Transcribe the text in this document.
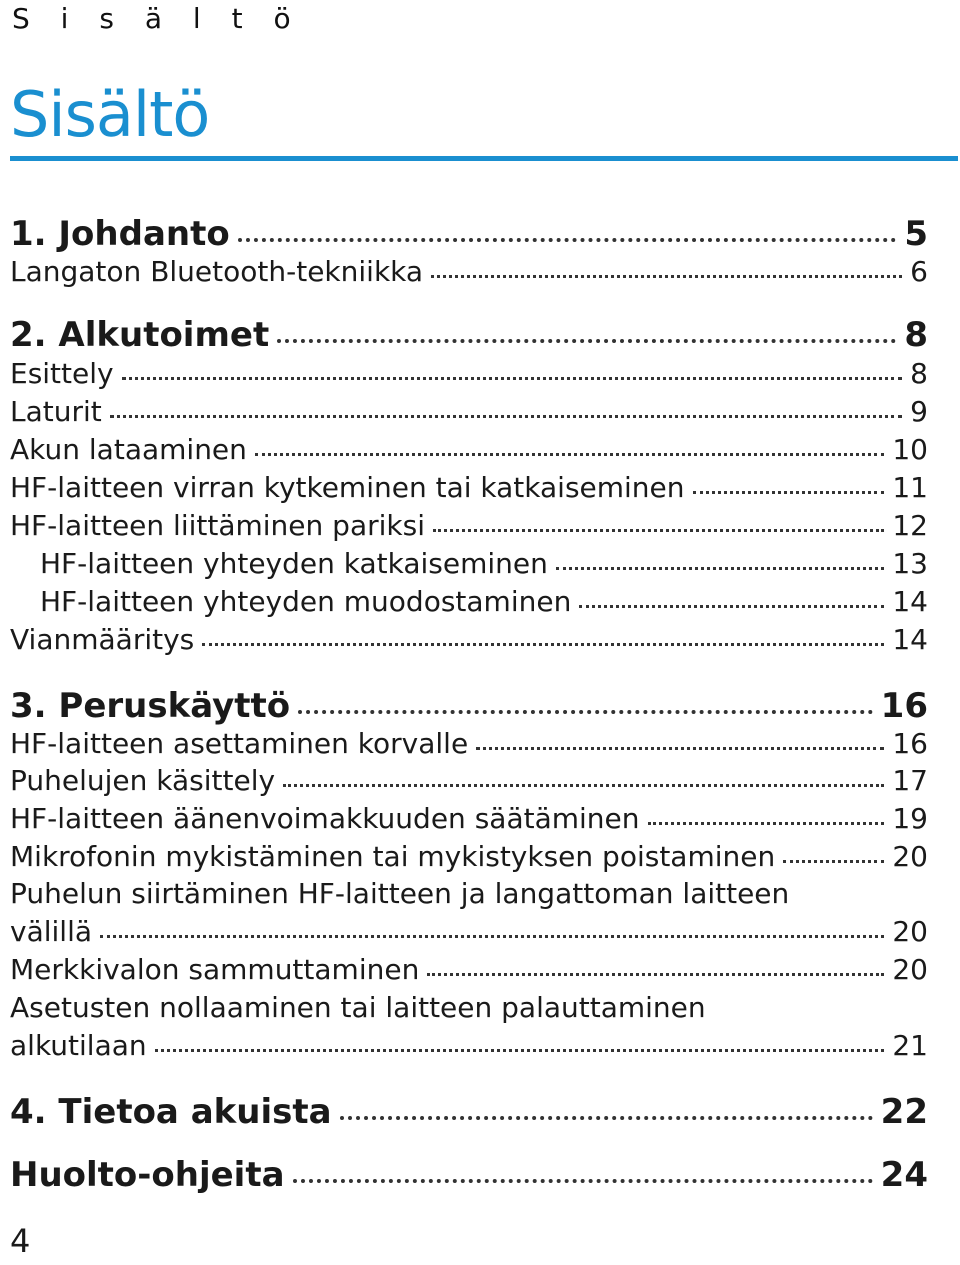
S i s ä l t ö
Sisältö
1. Johdanto	5
Langaton Bluetooth-tekniikka	6
2. Alkutoimet	8
Esittely	8
Laturit	9
Akun lataaminen	10
HF-laitteen virran kytkeminen tai katkaiseminen	11
HF-laitteen liittäminen pariksi	12
HF-laitteen yhteyden katkaiseminen	13
HF-laitteen yhteyden muodostaminen	14
Vianmääritys	14
3. Peruskäyttö	16
HF-laitteen asettaminen korvalle	16
Puhelujen käsittely	17
HF-laitteen äänenvoimakkuuden säätäminen	19
Mikrofonin mykistäminen tai mykistyksen poistaminen	20
Puhelun siirtäminen HF-laitteen ja langattoman laitteen
välillä	20
Merkkivalon sammuttaminen	20
Asetusten nollaaminen tai laitteen palauttaminen
alkutilaan	21
4. Tietoa akuista	22
Huolto-ohjeita	24
4
